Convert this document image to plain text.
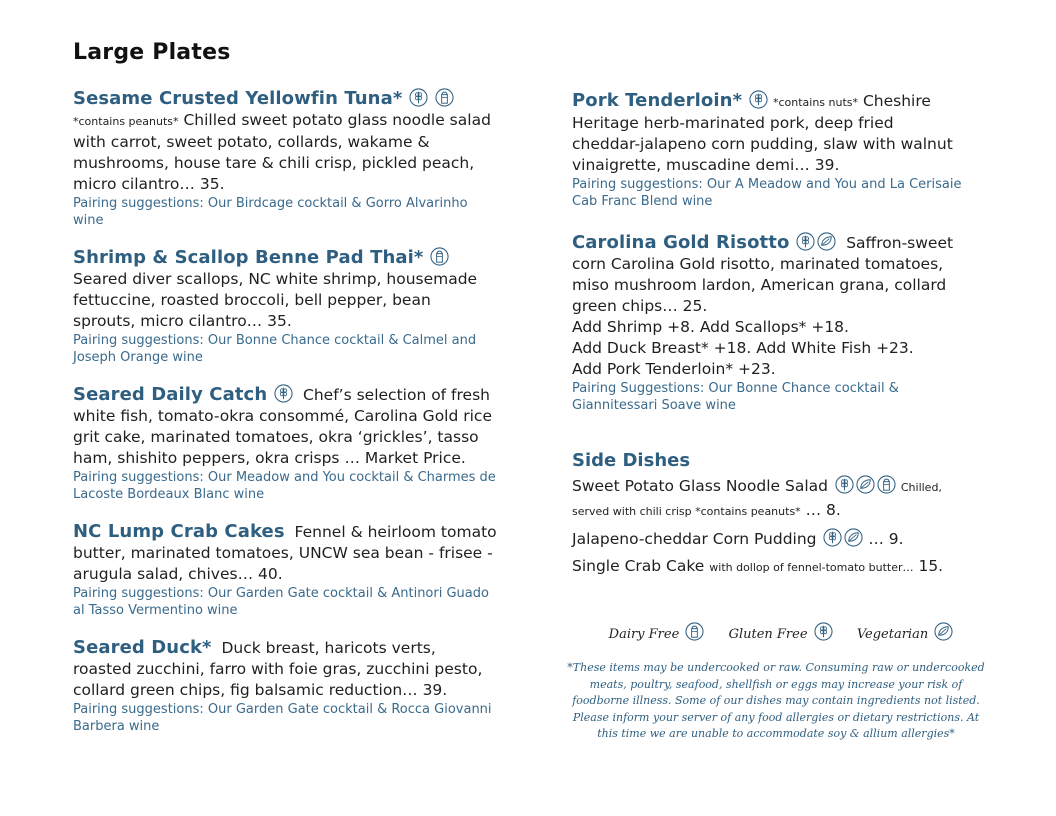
Large Plates

Sesame Crusted Yellowfin Tuna*

*contains peanuts* Chilled sweet potato glass noodle salad with carrot, sweet potato, collards, wakame & mushrooms, house tare & chili crisp, pickled peach, micro cilantro… 35.

Pairing suggestions: Our Birdcage cocktail & Gorro Alvarinho wine

Shrimp & Scallop Benne Pad Thai*

Seared diver scallops, NC white shrimp, housemade fettuccine, roasted broccoli, bell pepper, bean sprouts, micro cilantro… 35.

Pairing suggestions: Our Bonne Chance cocktail & Calmel and Joseph Orange wine

Seared Daily Catch Chef’s selection of fresh white fish, tomato-okra consommé, Carolina Gold rice grit cake, marinated tomatoes, okra ‘grickles’, tasso ham, shishito peppers, okra crisps … Market Price.

Pairing suggestions: Our Meadow and You cocktail & Charmes de Lacoste Bordeaux Blanc wine

NC Lump Crab Cakes Fennel & heirloom tomato butter, marinated tomatoes, UNCW sea bean - frisee - arugula salad, chives… 40.

Pairing suggestions: Our Garden Gate cocktail & Antinori Guado al Tasso Vermentino wine

Seared Duck* Duck breast, haricots verts, roasted zucchini, farro with foie gras, zucchini pesto, collard green chips, fig balsamic reduction… 39.

Pairing suggestions: Our Garden Gate cocktail & Rocca Giovanni Barbera wine

Pork Tenderloin*	*contains nuts* Cheshire Heritage herb-marinated pork, deep fried cheddar-jalapeno corn pudding, slaw with walnut vinaigrette, muscadine demi… 39.

Pairing suggestions: Our A Meadow and You and La Cerisaie Cab Franc Blend wine

Carolina Gold Risotto	Saffron-sweet corn Carolina Gold risotto, marinated tomatoes, miso mushroom lardon, American grana, collard green chips… 25.

Add Shrimp +8. Add Scallops* +18.

Add Duck Breast* +18. Add White Fish +23.

Add Pork Tenderloin* +23.

Pairing Suggestions: Our Bonne Chance cocktail & Giannitessari Soave wine

Side Dishes

Sweet Potato Glass Noodle Salad	Chilled, served with chili crisp *contains peanuts* … 8.

Jalapeno-cheddar Corn Pudding	… 9.

Single Crab Cake with dollop of fennel-tomato butter… 15.

Dairy Free	Gluten Free	Vegetarian
*These items may be undercooked or raw. Consuming raw or undercooked meats, poultry, seafood, shellfish or eggs may increase your risk of foodborne illness. Some of our dishes may contain ingredients not listed. Please inform your server of any food allergies or dietary restrictions. At this time we are unable to accommodate soy & allium allergies*
